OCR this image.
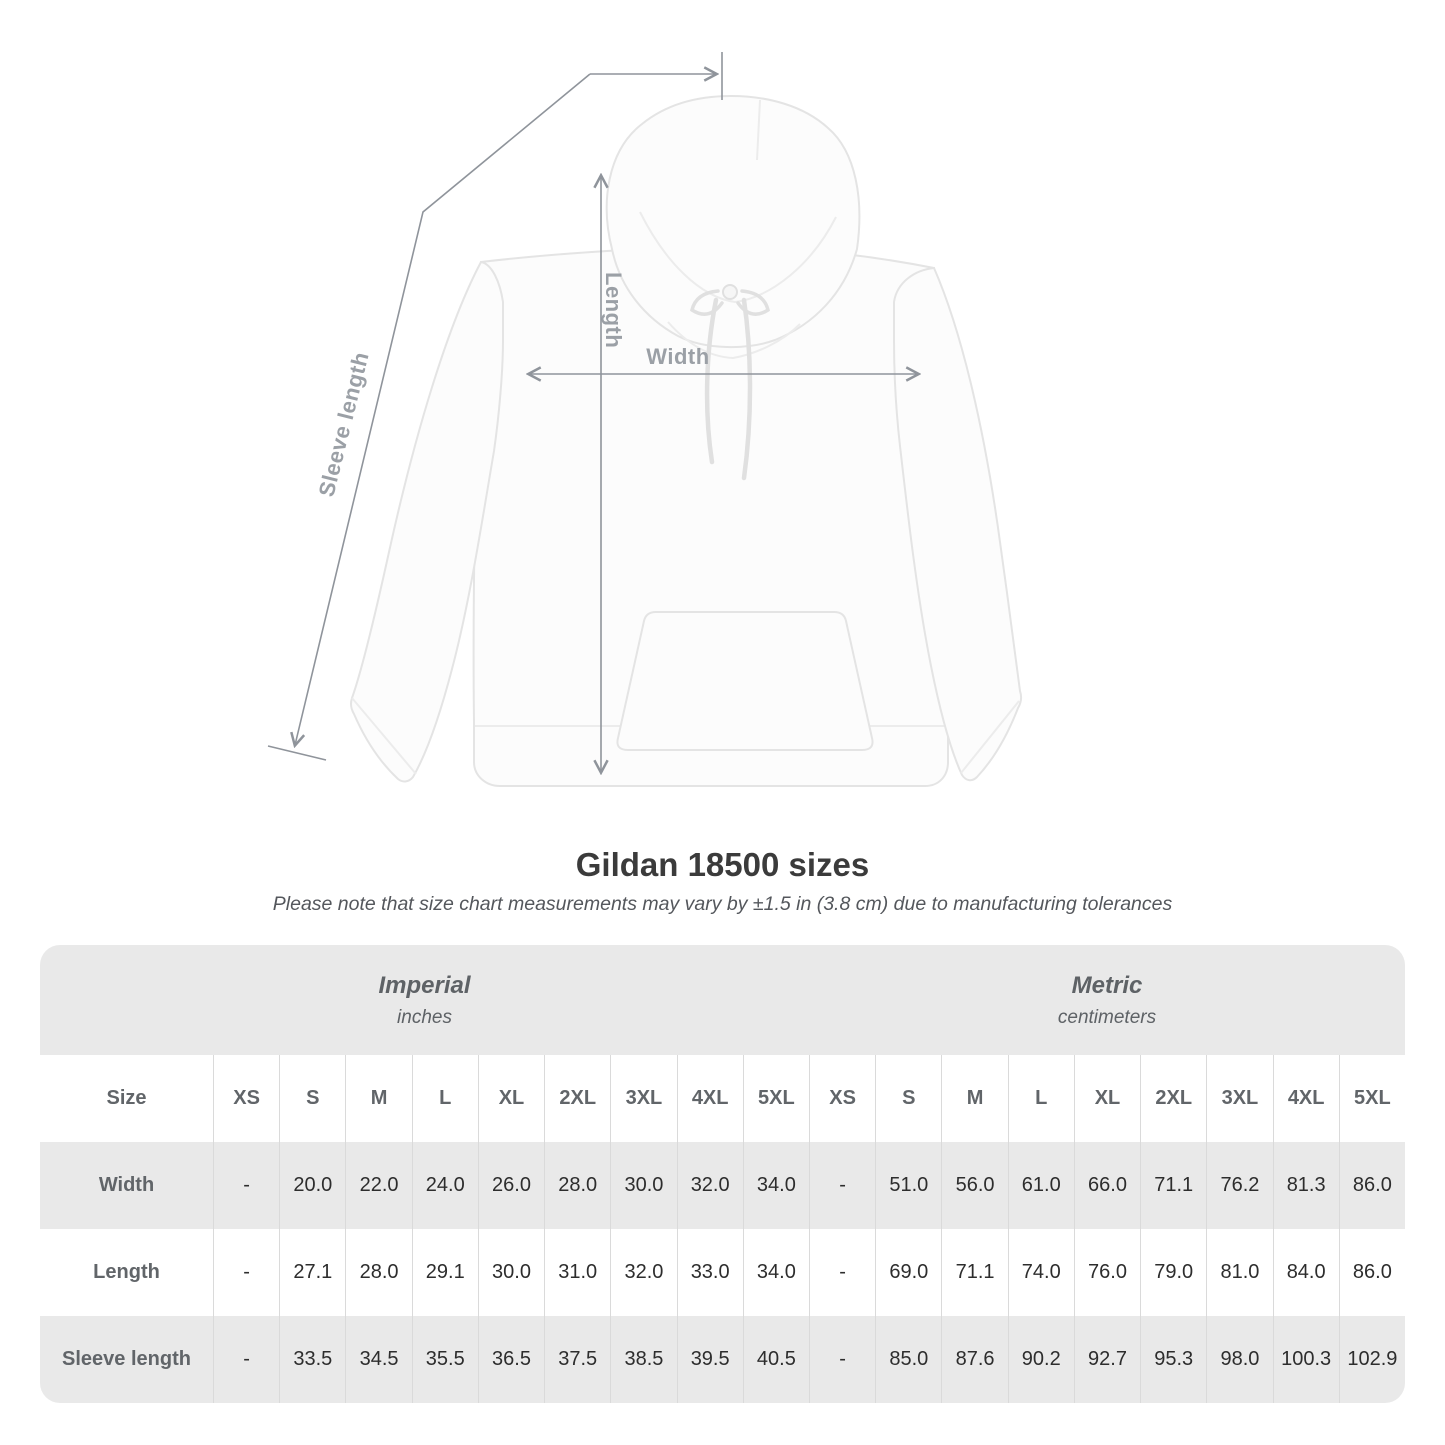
Sleeve length
Length
Width
Gildan 18500 sizes
Please note that size chart measurements may vary by ±1.5 in (3.8 cm) due to manufacturing tolerances
Imperial
inches
Metric
centimeters
Size	XS	S	M	L	XL	2XL	3XL	4XL	5XL	XS	S	M	L	XL	2XL	3XL	4XL	5XL
Width	-	20.0	22.0	24.0	26.0	28.0	30.0	32.0	34.0	-	51.0	56.0	61.0	66.0	71.1	76.2	81.3	86.0
Length	-	27.1	28.0	29.1	30.0	31.0	32.0	33.0	34.0	-	69.0	71.1	74.0	76.0	79.0	81.0	84.0	86.0
Sleeve length	-	33.5	34.5	35.5	36.5	37.5	38.5	39.5	40.5	-	85.0	87.6	90.2	92.7	95.3	98.0	100.3 102.9
